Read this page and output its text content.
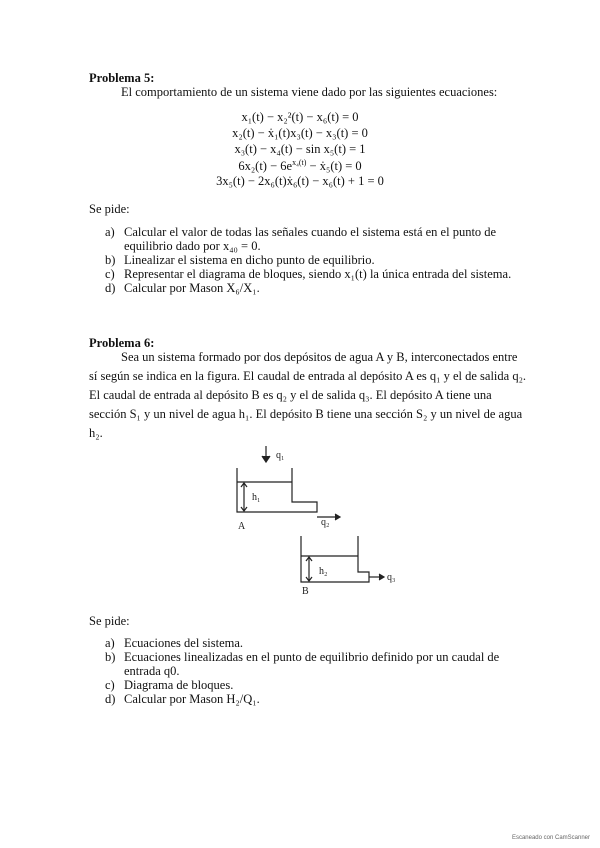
Problema 5:
El comportamiento de un sistema viene dado por las siguientes ecuaciones:
x₁(t) − x₂²(t) − x₆(t) = 0
x₂(t) − ẋ₁(t)x₃(t) − x₃(t) = 0
x₃(t) − x₄(t) − sin x₅(t) = 1
$6x_2(t) - 6e^{x_4(t)}$ − ẋ₅(t) = 0
3x₅(t) − 2x₆(t)ẋ₆(t) − x₆(t) + 1 = 0
Se pide:
a) Calcular el valor de todas las señales cuando el sistema está en el punto de
equilibrio dado por x₄₀ = 0.
b) Linealizar el sistema en dicho punto de equilibrio.
c) Representar el diagrama de bloques, siendo x₁(t) la única entrada del sistema.
d) Calcular por Mason X₆/X₁.
Problema 6:
Sea un sistema formado por dos depósitos de agua A y B, interconectados entre
sí según se indica en la figura. El caudal de entrada al depósito A es q₁ y el de salida q₂.
El caudal de entrada al depósito B es q₂ y el de salida q₃. El depósito A tiene una
sección S₁ y un nivel de agua h₁. El depósito B tiene una sección S₂ y un nivel de agua
h₂.
q₁
h₁
q₂
A
h₂
q₃
B
Se pide:
a) Ecuaciones del sistema.
b) Ecuaciones linealizadas en el punto de equilibrio definido por un caudal de
entrada q0.
c) Diagrama de bloques.
d) Calcular por Mason H₂/Q₁.
Escaneado con CamScanner
